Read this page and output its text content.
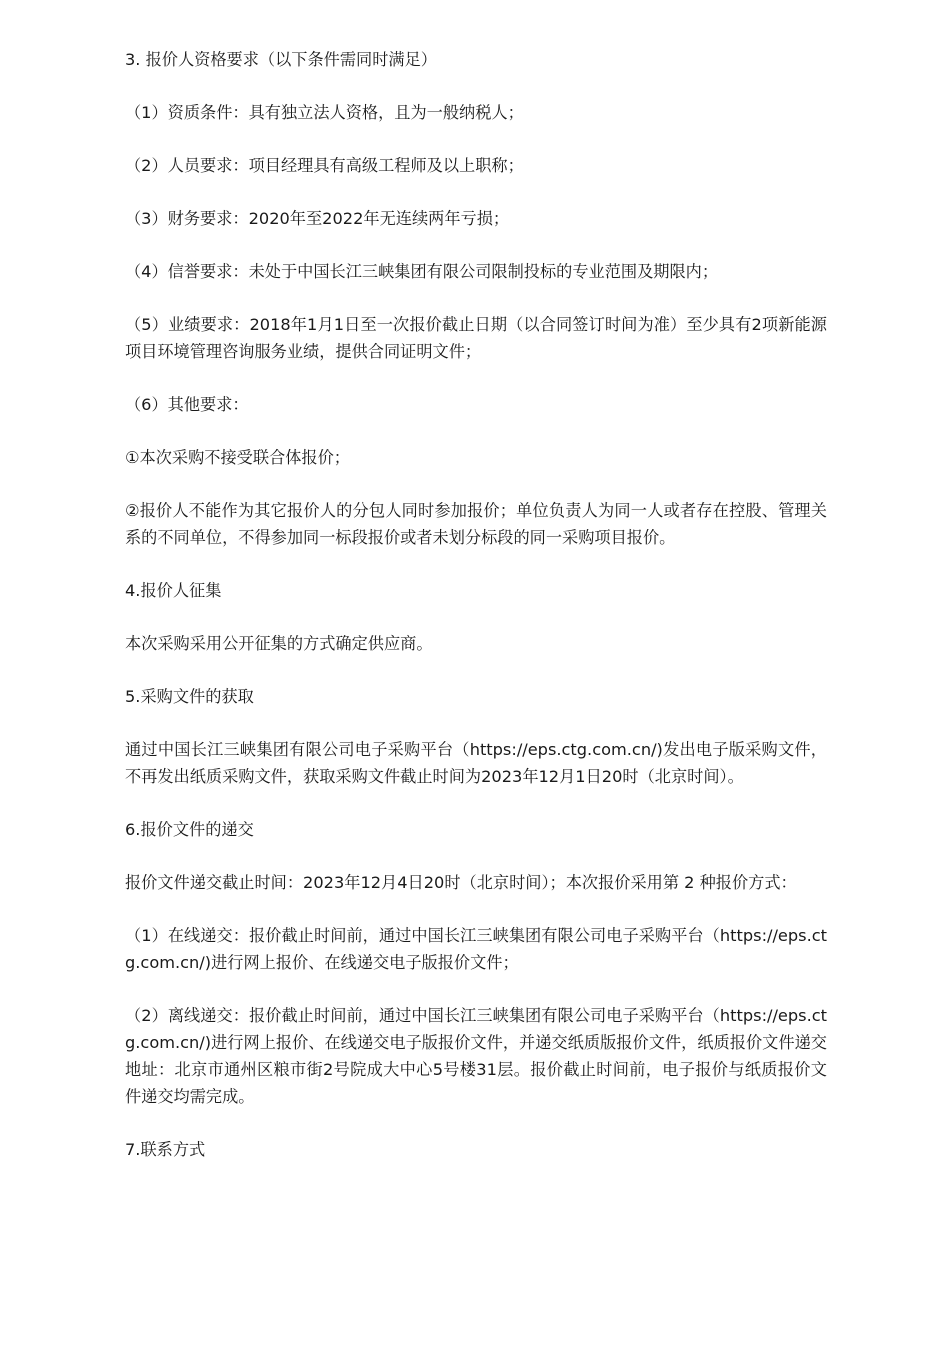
3. 报价人资格要求（以下条件需同时满足）

（1）资质条件：具有独立法人资格，且为一般纳税人；

（2）人员要求：项目经理具有高级工程师及以上职称；

（3）财务要求：2020年至2022年无连续两年亏损；

（4）信誉要求：未处于中国长江三峡集团有限公司限制投标的专业范围及期限内；

（5）业绩要求：2018年1月1日至一次报价截止日期（以合同签订时间为准）至少具有2项新能源项目环境管理咨询服务业绩，提供合同证明文件；

（6）其他要求：

①本次采购不接受联合体报价；

②报价人不能作为其它报价人的分包人同时参加报价；单位负责人为同一人或者存在控股、管理关系的不同单位，不得参加同一标段报价或者未划分标段的同一采购项目报价。

4.报价人征集

本次采购采用公开征集的方式确定供应商。

5.采购文件的获取

通过中国长江三峡集团有限公司电子采购平台（https://eps.ctg.com.cn/)发出电子版采购文件，不再发出纸质采购文件，获取采购文件截止时间为2023年12月1日20时（北京时间）。

6.报价文件的递交

报价文件递交截止时间：2023年12月4日20时（北京时间）；本次报价采用第 2 种报价方式：

（1）在线递交：报价截止时间前，通过中国长江三峡集团有限公司电子采购平台（https://eps.ctg.com.cn/)进行网上报价、在线递交电子版报价文件；

（2）离线递交：报价截止时间前，通过中国长江三峡集团有限公司电子采购平台（https://eps.ctg.com.cn/)进行网上报价、在线递交电子版报价文件，并递交纸质版报价文件，纸质报价文件递交地址：北京市通州区粮市街2号院成大中心5号楼31层。报价截止时间前，电子报价与纸质报价文件递交均需完成。

7.联系方式
